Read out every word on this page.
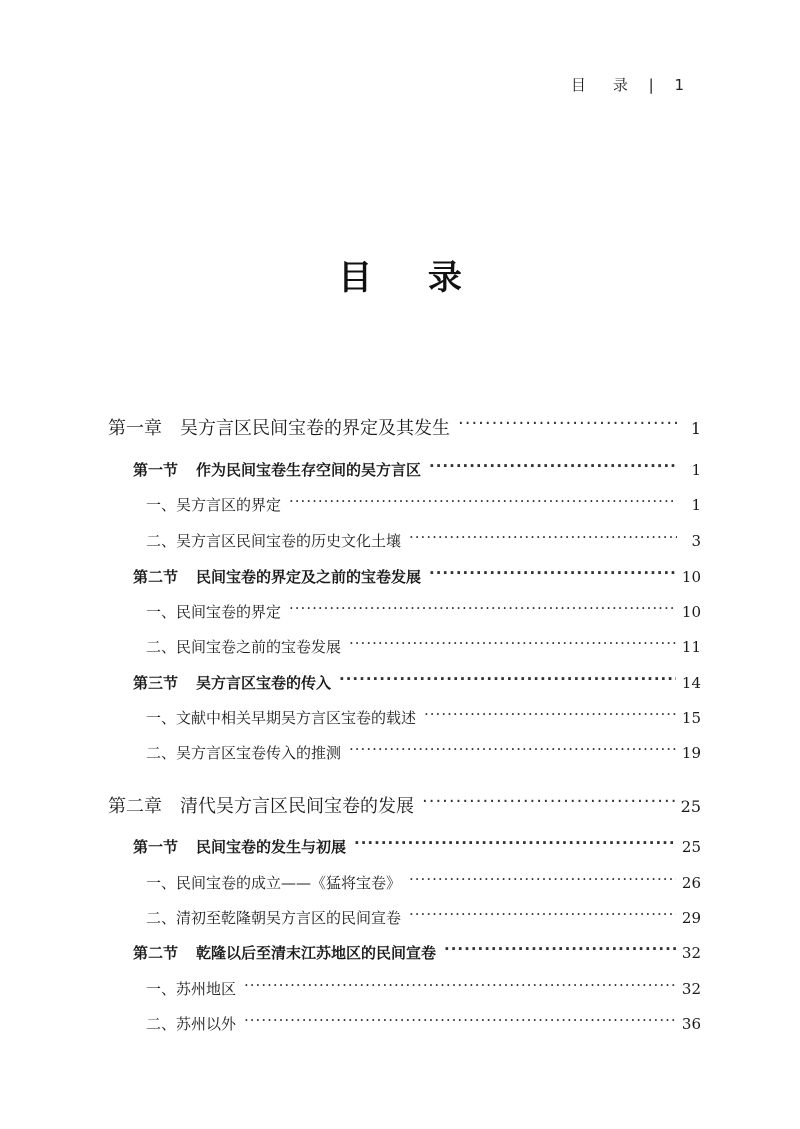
目　录 | 1
目 录
第一章 吴方言区民间宝卷的界定及其发生 ·····	1
第一节 作为民间宝卷生存空间的吴方言区 ·····	1
一、吴方言区的界定 ·····	1
二、吴方言区民间宝卷的历史文化土壤 ·····	3
第二节 民间宝卷的界定及之前的宝卷发展 ·····	10
一、民间宝卷的界定 ·····	10
二、民间宝卷之前的宝卷发展 ·····	11
第三节 吴方言区宝卷的传入 ·····	14
一、文献中相关早期吴方言区宝卷的载述 ·····	15
二、吴方言区宝卷传入的推测 ·····	19
第二章 清代吴方言区民间宝卷的发展 ·····	25
第一节 民间宝卷的发生与初展 ·····	25
一、民间宝卷的成立——《猛将宝卷》 ·····	26
二、清初至乾隆朝吴方言区的民间宣卷 ·····	29
第二节 乾隆以后至清末江苏地区的民间宣卷 ·····	32
一、苏州地区 ·····	32
二、苏州以外 ·····	36
